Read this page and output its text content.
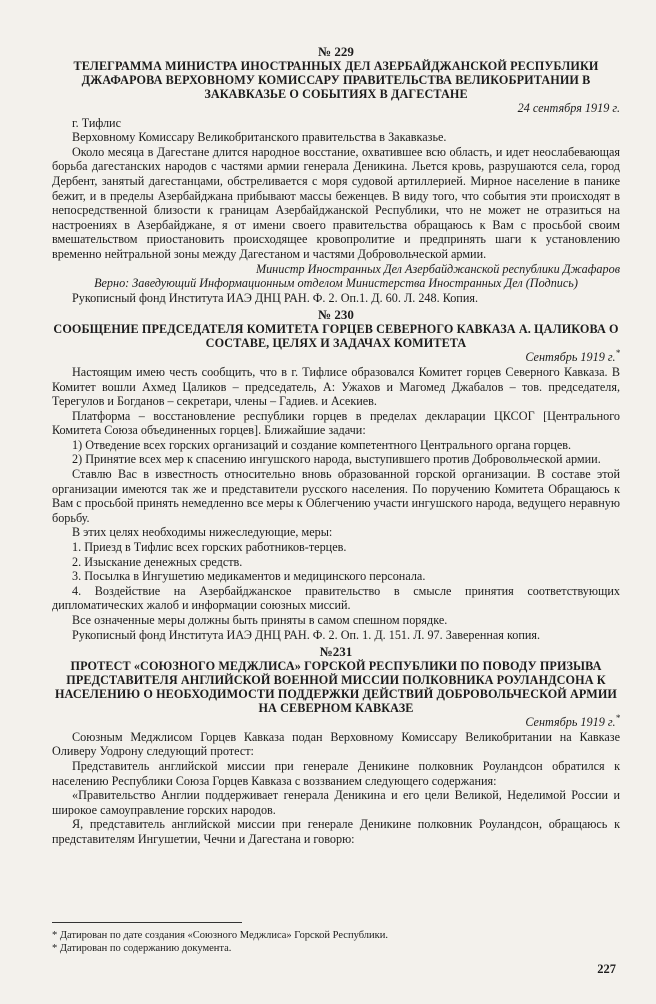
№ 229

ТЕЛЕГРАММА МИНИСТРА ИНОСТРАННЫХ ДЕЛ АЗЕРБАЙДЖАНСКОЙ РЕСПУБЛИКИ ДЖАФАРОВА ВЕРХОВНОМУ КОМИССАРУ ПРАВИТЕЛЬСТВА ВЕЛИКОБРИТАНИИ В ЗАКАВКАЗЬЕ О СОБЫТИЯХ В ДАГЕСТАНЕ

24 сентября 1919 г.

г. Тифлис

Верховному Комиссару Великобританского правительства в Закавказье.

Около месяца в Дагестане длится народное восстание, охватившее всю область, и идет неослабевающая борьба дагестанских народов с частями армии генерала Деникина. Льется кровь, разрушаются села, город Дербент, занятый дагестанцами, обстреливается с моря судовой артиллерией. Мирное население в панике бежит, и в пределы Азербайджана прибывают массы беженцев. В виду того, что события эти происходят в непосредственной близости к границам Азербайджанской Республики, что не может не отразиться на настроениях в Азербайджане, я от имени своего правительства обращаюсь к Вам с просьбой своим вмешательством приостановить происходящее кровопролитие и предпринять шаги к установлению временно нейтральной зоны между Дагестаном и частями Добровольческой армии.

Министр Иностранных Дел Азербайджанской республики Джафаров

Верно: Заведующий Информационным отделом Министерства Иностранных Дел (Подпись)

Рукописный фонд Института ИАЭ ДНЦ РАН. Ф. 2. Оп.1. Д. 60. Л. 248. Копия.

№ 230

СООБЩЕНИЕ ПРЕДСЕДАТЕЛЯ КОМИТЕТА ГОРЦЕВ СЕВЕРНОГО КАВКАЗА А. ЦАЛИКОВА О СОСТАВЕ, ЦЕЛЯХ И ЗАДАЧАХ КОМИТЕТА

Сентябрь 1919 г.*

Настоящим имею честь сообщить, что в г. Тифлисе образовался Комитет горцев Северного Кавказа. В Комитет вошли Ахмед Цаликов – председатель, А: Ужахов и Магомед Джабалов – тов. председателя, Терегулов и Богданов – секретари, члены – Гадиев. и Асекиев.

Платформа – восстановление республики горцев в пределах декларации ЦКСОГ [Центрального Комитета Союза объединенных горцев]. Ближайшие задачи:

1) Отведение всех горских организаций и создание компетентного Центрального органа горцев.

2) Принятие всех мер к спасению ингушского народа, выступившего против Добровольческой армии.

Ставлю Вас в известность относительно вновь образованной горской организации. В составе этой организации имеются так же и представители русского населения. По поручению Комитета Обращаюсь к Вам с просьбой принять немедленно все меры к Облегчению участи ингушского народа, ведущего неравную борьбу.

В этих целях необходимы нижеследующие, меры:

1. Приезд в Тифлис всех горских работников-терцев.

2. Изыскание денежных средств.

3. Посылка в Ингушетию медикаментов и медицинского персонала.

4. Воздействие на Азербайджанское правительство в смысле принятия соответствующих дипломатических жалоб и информации союзных миссий.

Все означенные меры должны быть приняты в самом спешном порядке.

Рукописный фонд Института ИАЭ ДНЦ РАН. Ф. 2. Оп. 1. Д. 151. Л. 97. Заверенная копия.

№231

ПРОТЕСТ «СОЮЗНОГО МЕДЖЛИСА» ГОРСКОЙ РЕСПУБЛИКИ ПО ПОВОДУ ПРИЗЫВА ПРЕДСТАВИТЕЛЯ АНГЛИЙСКОЙ ВОЕННОЙ МИССИИ ПОЛКОВНИКА РОУЛАНДСОНА К НАСЕЛЕНИЮ О НЕОБХОДИМОСТИ ПОДДЕРЖКИ ДЕЙСТВИЙ ДОБРОВОЛЬЧЕСКОЙ АРМИИ НА СЕВЕРНОМ КАВКАЗЕ

Сентябрь 1919 г.*

Союзным Меджлисом Горцев Кавказа подан Верховному Комиссару Великобритании на Кавказе Оливеру Уодрону следующий протест:

Представитель английской миссии при генерале Деникине полковник Роуландсон обратился к населению Республики Союза Горцев Кавказа с воззванием следующего содержания:

«Правительство Англии поддерживает генерала Деникина и его цели Великой, Неделимой России и широкое самоуправление горских народов.

Я, представитель английской миссии при генерале Деникине полковник Роуландсон, обращаюсь к представителям Ингушетии, Чечни и Дагестана и говорю:

* Датирован по дате создания «Союзного Меджлиса» Горской Республики.
* Датирован по содержанию документа.
227
